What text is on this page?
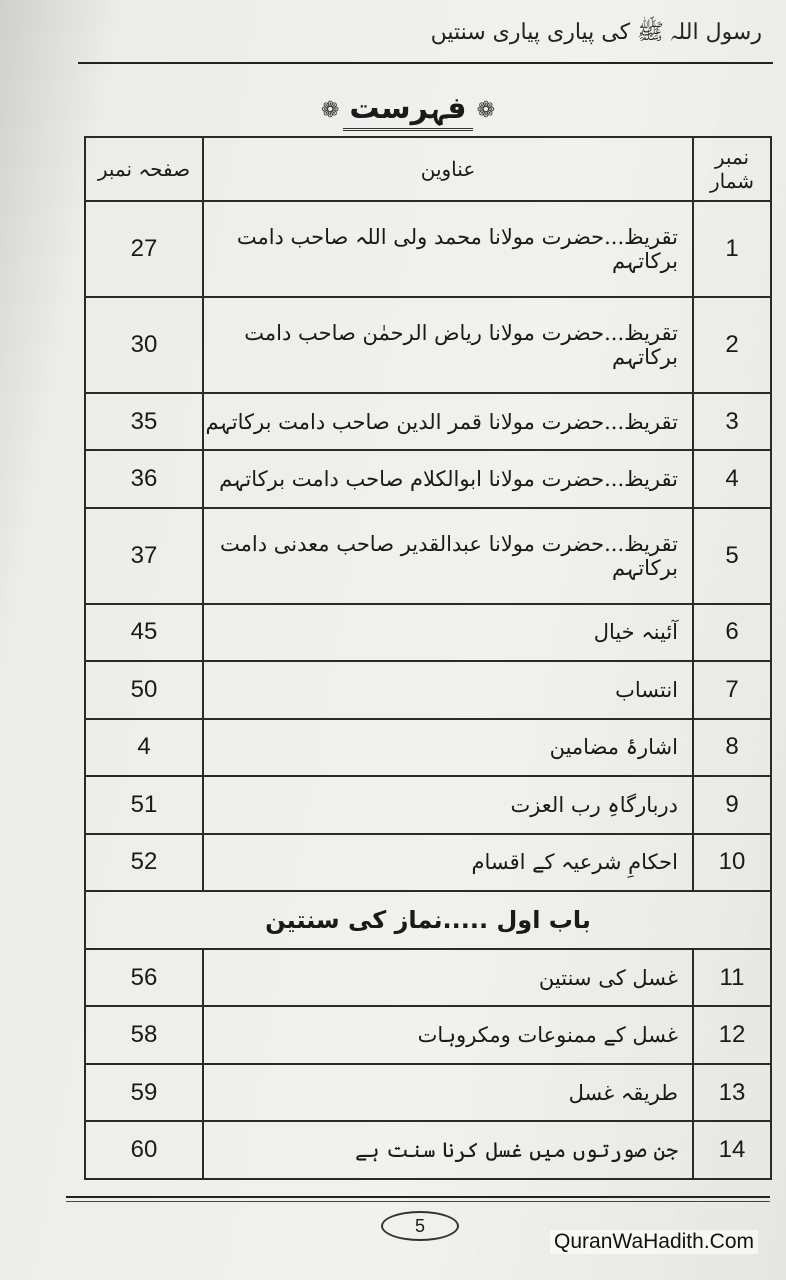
رسول اللہ ﷺ کی پیاری پیاری سنتیں
❁ فہرست ❁
صفحہ نمبر	عناوین	نمبر شمار
27	تقریظ...حضرت مولانا محمد ولی اللہ صاحب دامت برکاتہم	1
30	تقریظ...حضرت مولانا ریاض الرحمٰن صاحب دامت برکاتہم	2
35	تقریظ...حضرت مولانا قمر الدین صاحب دامت برکاتہم	3
36	تقریظ...حضرت مولانا ابوالکلام صاحب دامت برکاتہم	4
37	تقریظ...حضرت مولانا عبدالقدیر صاحب معدنی دامت برکاتہم	5
45	آئینہ خیال	6
50	انتساب	7
4	اشارۂ مضامین	8
51	دربارگاہِ رب العزت	9
52	احکامِ شرعیہ کے اقسام	10
باب اول .....نماز کی سنتین		
56	غسل کی سنتین	11
58	غسل کے ممنوعات ومکروہات	12
59	طریقہ غسل	13
60	جن صورتوں میں غسل کرنا سنت ہے	14
5
QuranWaHadith.Com
